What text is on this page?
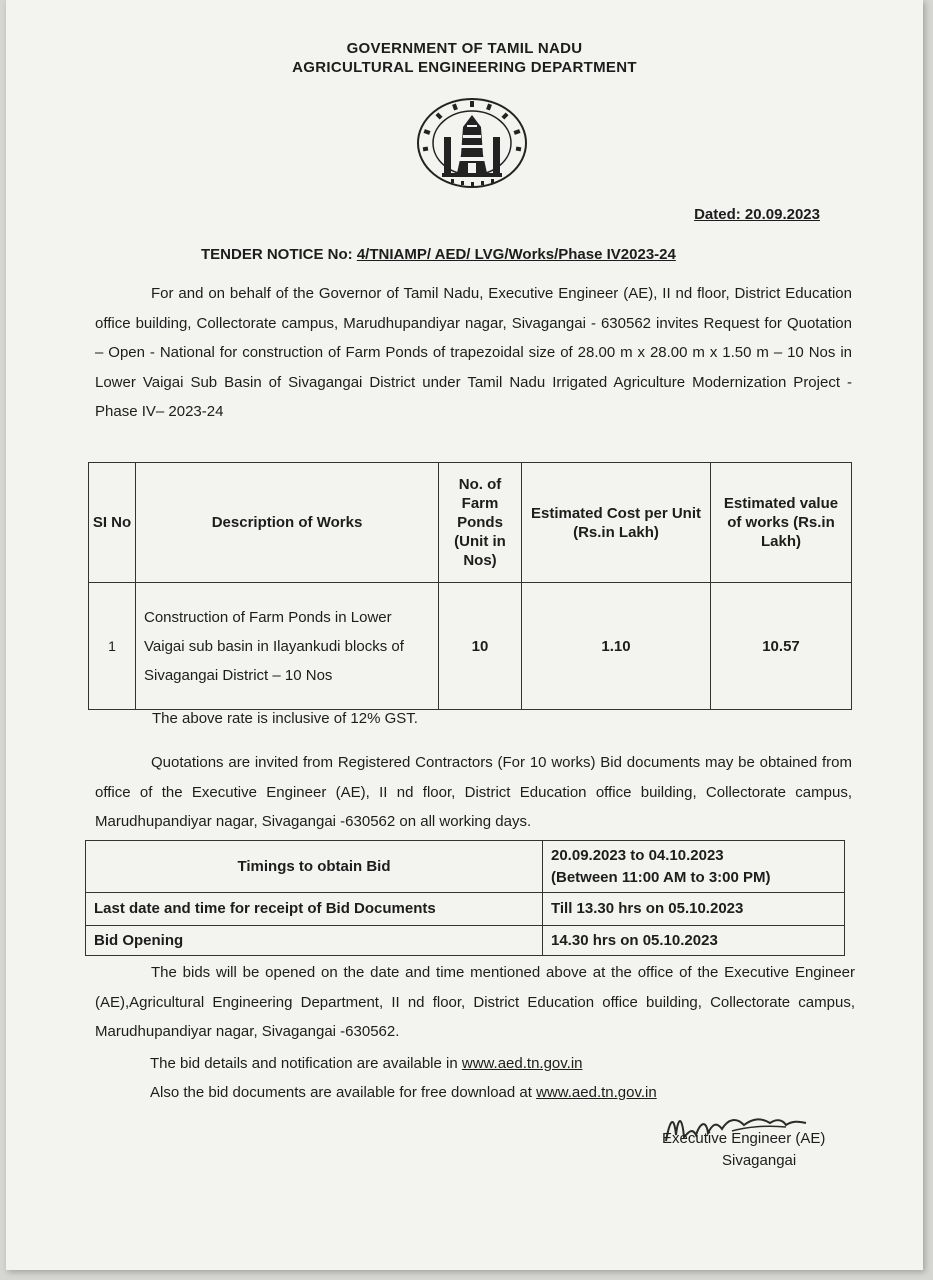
GOVERNMENT OF TAMIL NADU
AGRICULTURAL ENGINEERING DEPARTMENT
Dated: 20.09.2023
TENDER NOTICE No: 4/TNIAMP/ AED/ LVG/Works/Phase IV2023-24
For and on behalf of the Governor of Tamil Nadu, Executive Engineer (AE), II nd floor, District Education office building, Collectorate campus, Marudhupandiyar nagar, Sivagangai - 630562 invites Request for Quotation – Open - National for construction of Farm Ponds of trapezoidal size of 28.00 m x 28.00 m x 1.50 m – 10 Nos in Lower Vaigai Sub Basin of Sivagangai District under Tamil Nadu Irrigated Agriculture Modernization Project - Phase IV– 2023-24
SI No	Description of Works	No. of Farm Ponds (Unit in Nos)	Estimated Cost per Unit (Rs.in Lakh)	Estimated value of works (Rs.in Lakh)
1	Construction of Farm Ponds in Lower Vaigai sub basin in Ilayankudi blocks of Sivagangai District – 10 Nos	10	1.10	10.57
The above rate is inclusive of 12% GST.
Quotations are invited from Registered Contractors (For 10 works) Bid documents may be obtained from office of the Executive Engineer (AE), II nd floor, District Education office building, Collectorate campus, Marudhupandiyar nagar, Sivagangai -630562 on all working days.
Timings to obtain Bid	20.09.2023 to 04.10.2023
(Between 11:00 AM to 3:00 PM)

Last date and time for receipt of Bid Documents	Till 13.30 hrs on 05.10.2023
Bid Opening	14.30 hrs on 05.10.2023
The bids will be opened on the date and time mentioned above at the office of the Executive Engineer (AE),Agricultural Engineering Department, II nd floor, District Education office building, Collectorate campus, Marudhupandiyar nagar, Sivagangai -630562.
The bid details and notification are available in www.aed.tn.gov.in
Also the bid documents are available for free download at www.aed.tn.gov.in
Executive Engineer (AE)
Sivagangai
